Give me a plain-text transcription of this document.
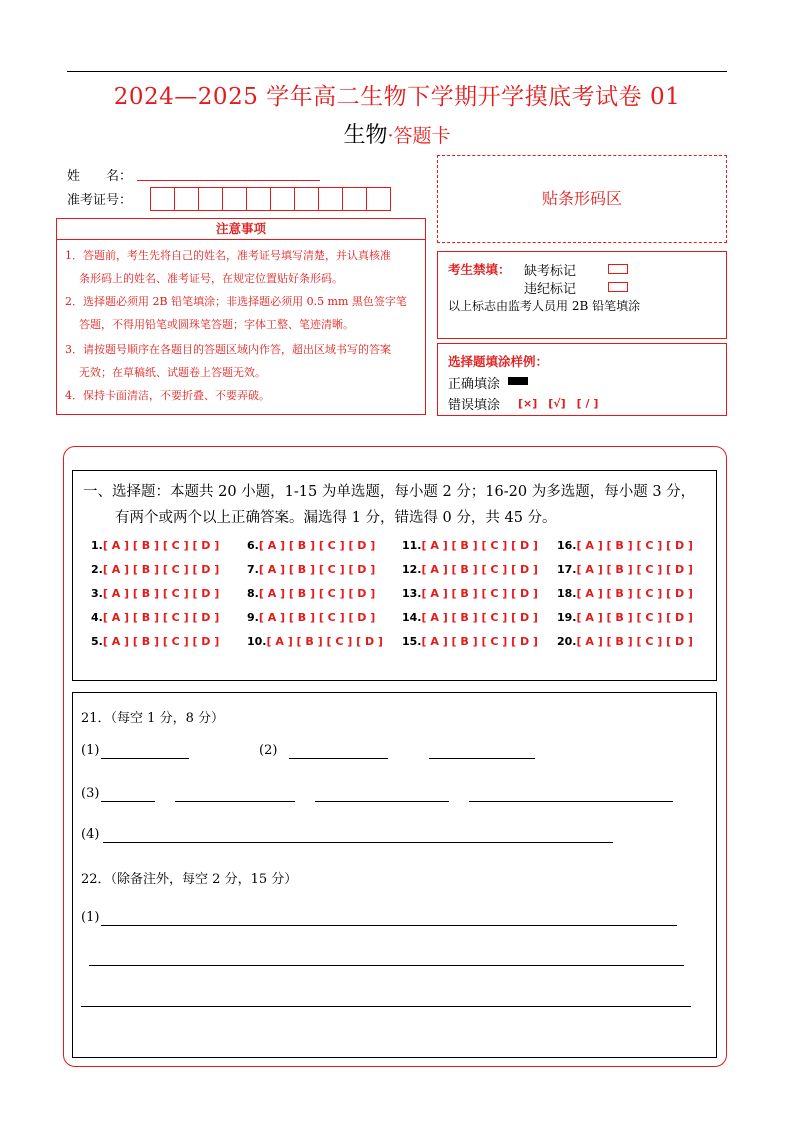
2024—2025 学年高二生物下学期开学摸底考试卷 01
生物·答题卡
姓　　名：
准考证号：
注意事项
1．答题前，考生先将自己的姓名，准考证号填写清楚，并认真核准
条形码上的姓名、准考证号，在规定位置贴好条形码。
2．选择题必须用 2B 铅笔填涂；非选择题必须用 0.5 mm 黑色签字笔
答题，不得用铅笔或圆珠笔答题；字体工整、笔迹清晰。
3．请按题号顺序在各题目的答题区域内作答，超出区域书写的答案
无效；在草稿纸、试题卷上答题无效。
4．保持卡面清洁，不要折叠、不要弄破。
贴条形码区
考生禁填： 缺考标记
违纪标记
以上标志由监考人员用 2B 铅笔填涂
选择题填涂样例：
正确填涂
错误填涂 [×]　[√]　[ / ]
一、选择题：本题共 20 小题，1-15 为单选题，每小题 2 分；16-20 为多选题，每小题 3 分，
有两个或两个以上正确答案。漏选得 1 分，错选得 0 分，共 45 分。
1.[ A ] [ B ] [ C ] [ D ]
2.[ A ] [ B ] [ C ] [ D ]
3.[ A ] [ B ] [ C ] [ D ]
4.[ A ] [ B ] [ C ] [ D ]
5.[ A ] [ B ] [ C ] [ D ]
6.[ A ] [ B ] [ C ] [ D ]
7.[ A ] [ B ] [ C ] [ D ]
8.[ A ] [ B ] [ C ] [ D ]
9.[ A ] [ B ] [ C ] [ D ]
10.[ A ] [ B ] [ C ] [ D ]
11.[ A ] [ B ] [ C ] [ D ]
12.[ A ] [ B ] [ C ] [ D ]
13.[ A ] [ B ] [ C ] [ D ]
14.[ A ] [ B ] [ C ] [ D ]
15.[ A ] [ B ] [ C ] [ D ]
16.[ A ] [ B ] [ C ] [ D ]
17.[ A ] [ B ] [ C ] [ D ]
18.[ A ] [ B ] [ C ] [ D ]
19.[ A ] [ B ] [ C ] [ D ]
20.[ A ] [ B ] [ C ] [ D ]
21．（每空 1 分，8 分）
(1)	(2)
(3)
(4)
22．（除备注外，每空 2 分，15 分）
(1)
